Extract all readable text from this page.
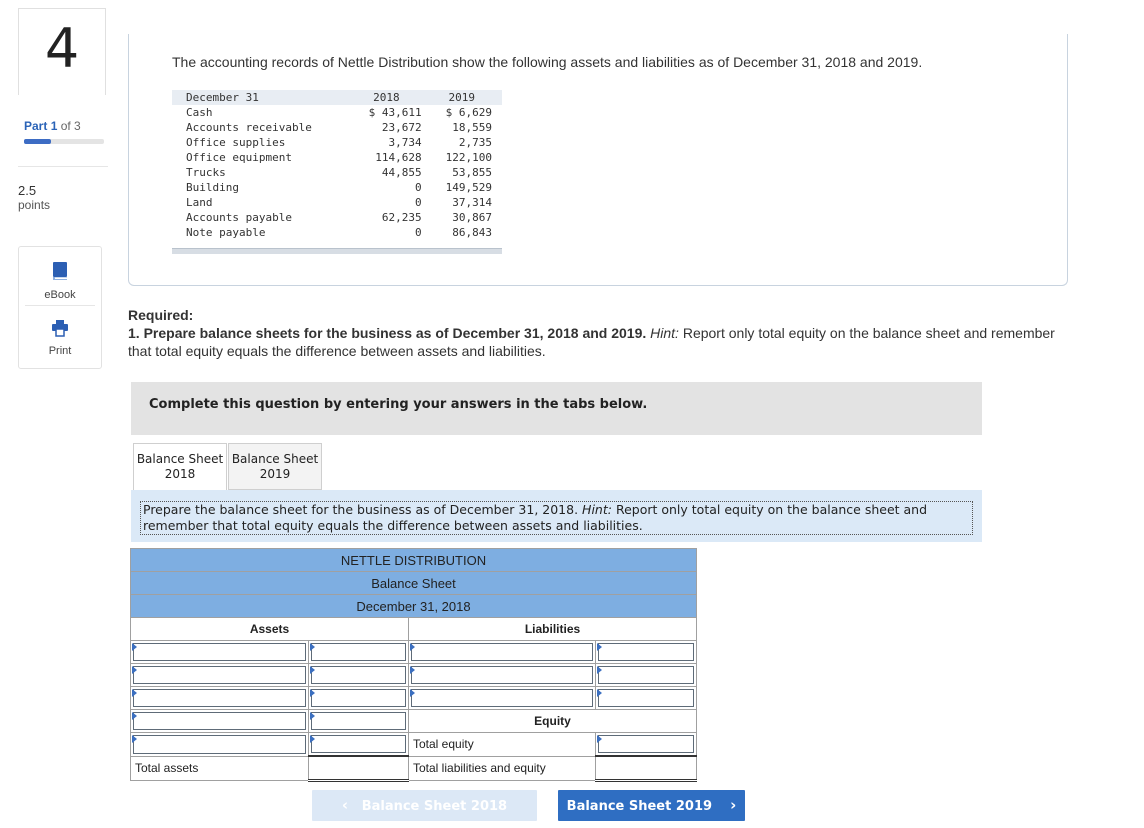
4
Part 1 of 3
2.5
points
eBook
Print
The accounting records of Nettle Distribution show the following assets and liabilities as of December 31, 2018 and 2019.
December 31	2018	2019
Cash	$ 43,611	$ 6,629
Accounts receivable	23,672	18,559
Office supplies	3,734	2,735
Office equipment	114,628	122,100
Trucks	44,855	53,855
Building	0	149,529
Land	0	37,314
Accounts payable	62,235	30,867
Note payable	0	86,843
Required:
1. Prepare balance sheets for the business as of December 31, 2018 and 2019. Hint: Report only total equity on the balance sheet and remember that total equity equals the difference between assets and liabilities.
Complete this question by entering your answers in the tabs below.
Balance Sheet
2018
Balance Sheet
2019
Prepare the balance sheet for the business as of December 31, 2018. Hint: Report only total equity on the balance sheet and remember that total equity equals the difference between assets and liabilities.
NETTLE DISTRIBUTION			
Balance Sheet			
December 31, 2018			
Assets		Liabilities	

	Equity	

	Total equity	

Total assets		Total liabilities and equity	
‹ Balance Sheet 2018	Balance Sheet 2019 ›
